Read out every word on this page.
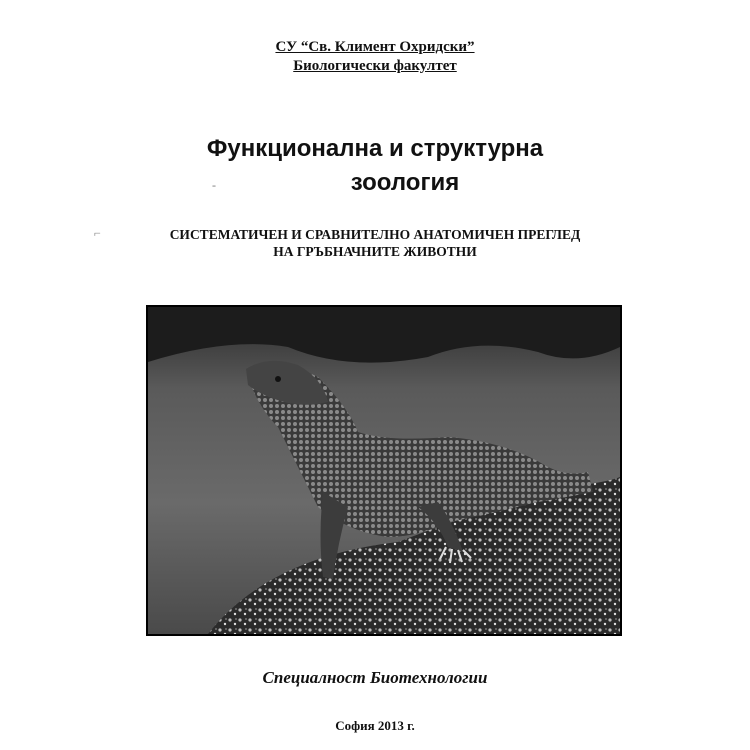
СУ “Св. Климент Охридски”
Биологически факултет
Функционална и структурна
зоология
-
⌐	СИСТЕМАТИЧЕН И СРАВНИТЕЛНО АНАТОМИЧЕН ПРЕГЛЕД
НА ГРЪБНАЧНИТЕ ЖИВОТНИ
Специалност Биотехнологии
София 2013 г.
